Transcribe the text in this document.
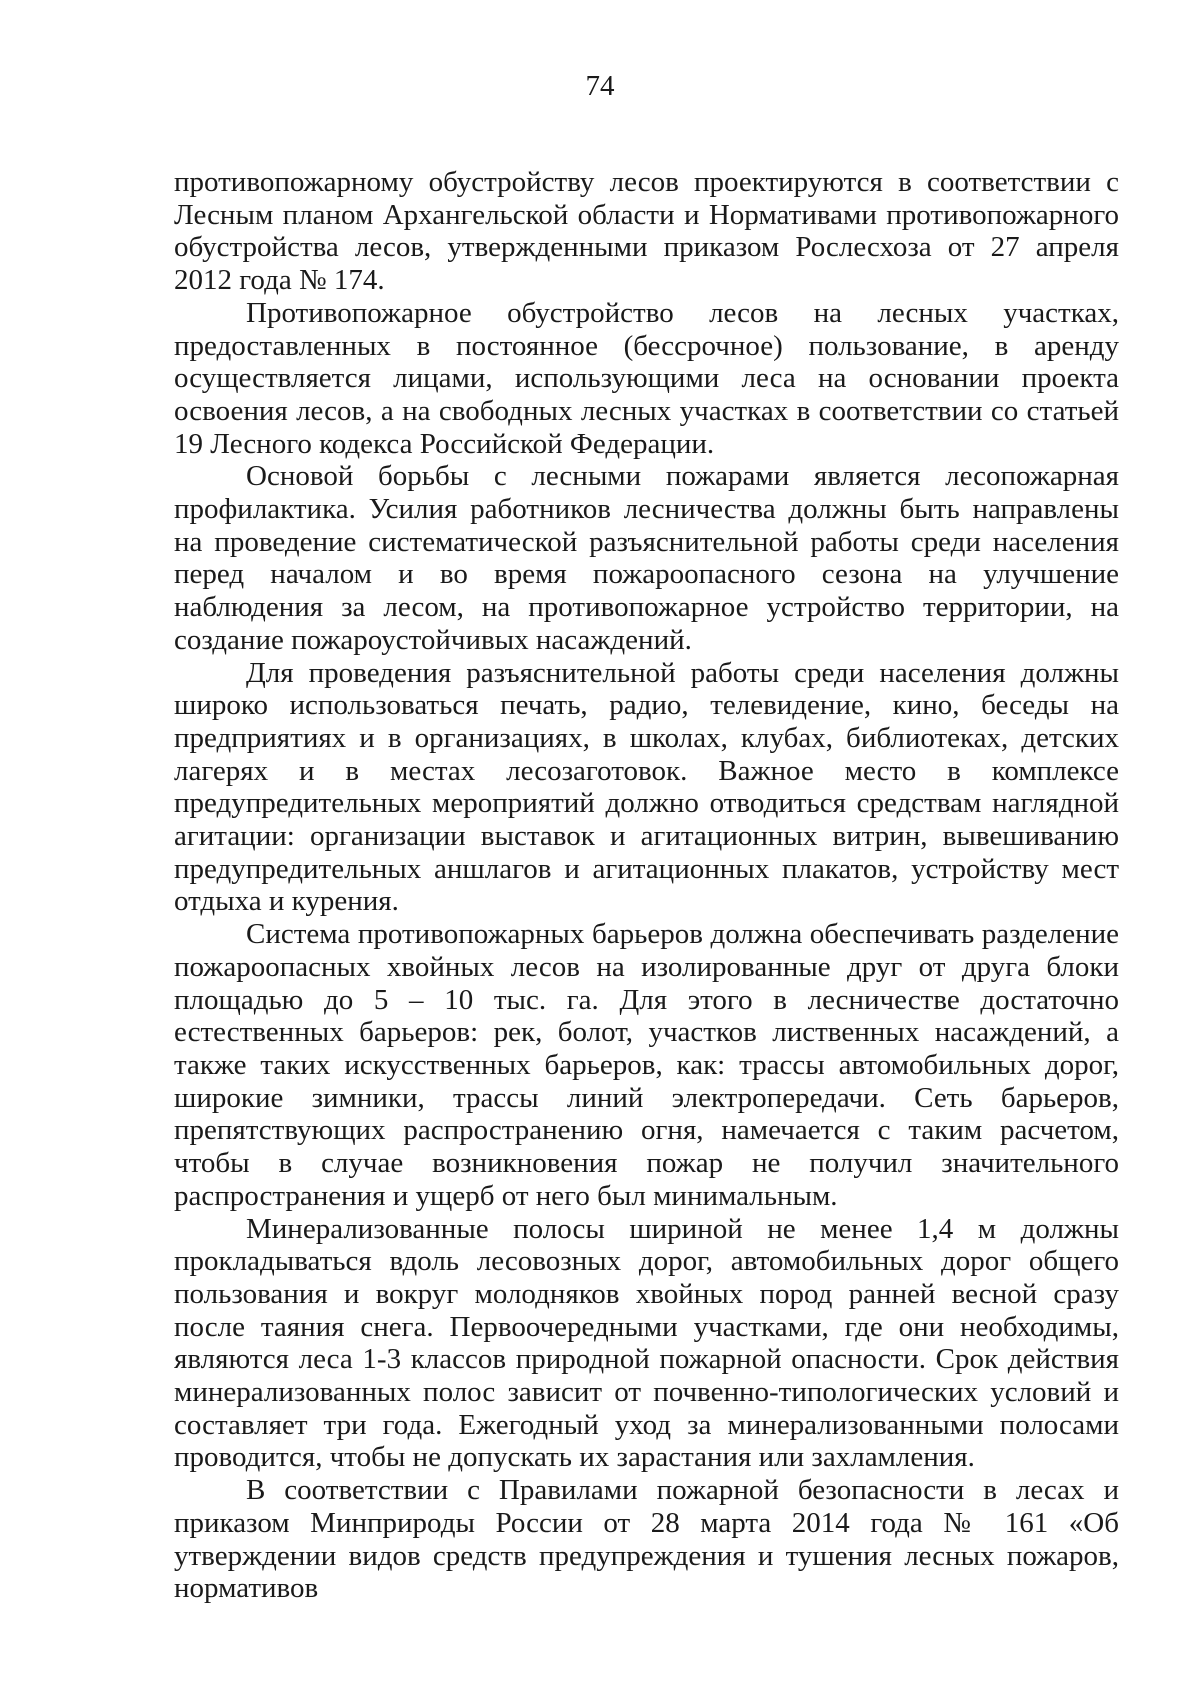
74

противопожарному обустройству лесов проектируются в соответствии с Лесным планом Архангельской области и Нормативами противопожарного обустройства лесов, утвержденными приказом Рослесхоза от 27 апреля 2012 года № 174.

Противопожарное обустройство лесов на лесных участках, предоставленных в постоянное (бессрочное) пользование, в аренду осуществляется лицами, использующими леса на основании проекта освоения лесов, а на свободных лесных участках в соответствии со статьей 19 Лесного кодекса Российской Федерации.

Основой борьбы с лесными пожарами является лесопожарная профилактика. Усилия работников лесничества должны быть направлены на проведение систематической разъяснительной работы среди населения перед началом и во время пожароопасного сезона на улучшение наблюдения за лесом, на противопожарное устройство территории, на создание пожароустойчивых насаждений.

Для проведения разъяснительной работы среди населения должны широко использоваться печать, радио, телевидение, кино, беседы на предприятиях и в организациях, в школах, клубах, библиотеках, детских лагерях и в местах лесозаготовок. Важное место в комплексе предупредительных мероприятий должно отводиться средствам наглядной агитации: организации выставок и агитационных витрин, вывешиванию предупредительных аншлагов и агитационных плакатов, устройству мест отдыха и курения.

Система противопожарных барьеров должна обеспечивать разделение пожароопасных хвойных лесов на изолированные друг от друга блоки площадью до 5 – 10 тыс. га. Для этого в лесничестве достаточно естественных барьеров: рек, болот, участков лиственных насаждений, а также таких искусственных барьеров, как: трассы автомобильных дорог, широкие зимники, трассы линий электропередачи. Сеть барьеров, препятствующих распространению огня, намечается с таким расчетом, чтобы в случае возникновения пожар не получил значительного распространения и ущерб от него был минимальным.

Минерализованные полосы шириной не менее 1,4 м должны прокладываться вдоль лесовозных дорог, автомобильных дорог общего пользования и вокруг молодняков хвойных пород ранней весной сразу после таяния снега. Первоочередными участками, где они необходимы, являются леса 1-3 классов природной пожарной опасности. Срок действия минерализованных полос зависит от почвенно-типологических условий и составляет три года. Ежегодный уход за минерализованными полосами проводится, чтобы не допускать их зарастания или захламления.

В соответствии с Правилами пожарной безопасности в лесах и приказом Минприроды России от 28 марта 2014 года № 161 «Об утверждении видов средств предупреждения и тушения лесных пожаров, нормативов
